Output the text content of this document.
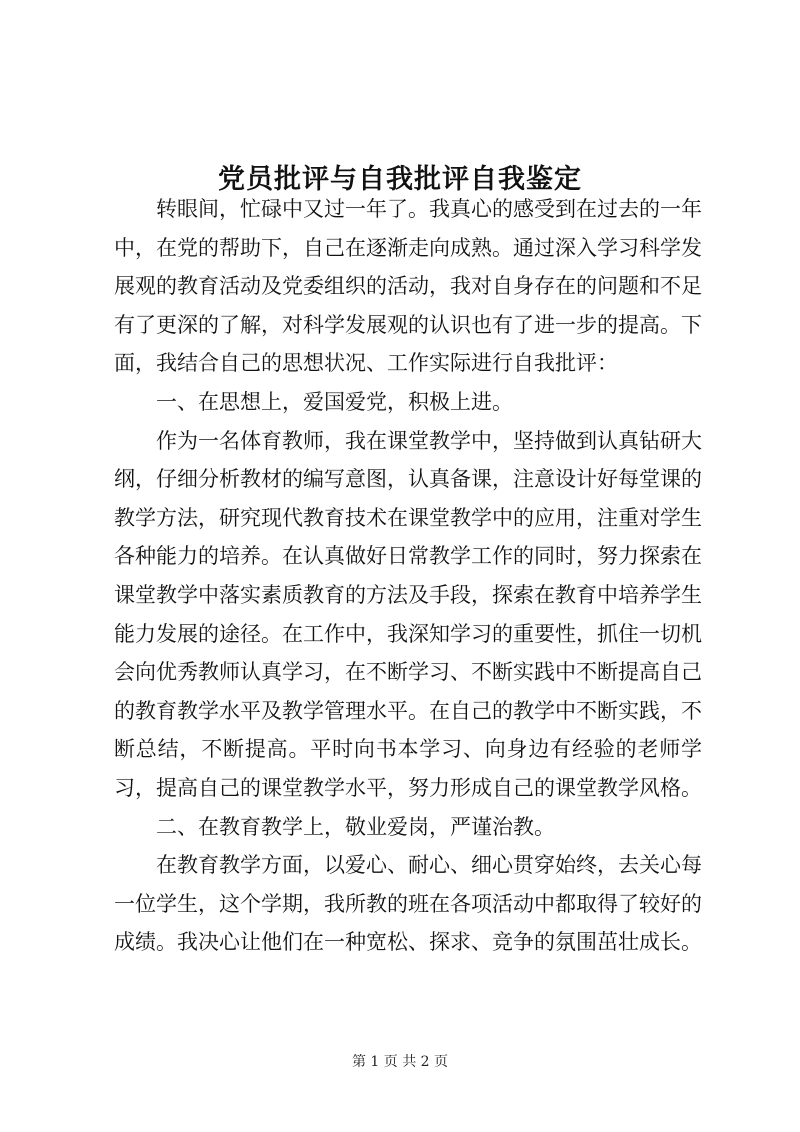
党员批评与自我批评自我鉴定

转眼间，忙碌中又过一年了。我真心的感受到在过去的一年中，在党的帮助下，自己在逐渐走向成熟。通过深入学习科学发展观的教育活动及党委组织的活动，我对自身存在的问题和不足有了更深的了解，对科学发展观的认识也有了进一步的提高。下面，我结合自己的思想状况、工作实际进行自我批评：

一、在思想上，爱国爱党，积极上进。

作为一名体育教师，我在课堂教学中，坚持做到认真钻研大纲，仔细分析教材的编写意图，认真备课，注意设计好每堂课的教学方法，研究现代教育技术在课堂教学中的应用，注重对学生各种能力的培养。在认真做好日常教学工作的同时，努力探索在课堂教学中落实素质教育的方法及手段，探索在教育中培养学生能力发展的途径。在工作中，我深知学习的重要性，抓住一切机会向优秀教师认真学习，在不断学习、不断实践中不断提高自己的教育教学水平及教学管理水平。在自己的教学中不断实践，不断总结，不断提高。平时向书本学习、向身边有经验的老师学习，提高自己的课堂教学水平，努力形成自己的课堂教学风格。

二、在教育教学上，敬业爱岗，严谨治教。

在教育教学方面，以爱心、耐心、细心贯穿始终，去关心每一位学生，这个学期，我所教的班在各项活动中都取得了较好的成绩。我决心让他们在一种宽松、探求、竞争的氛围茁壮成长。

第 1 页 共 2 页
